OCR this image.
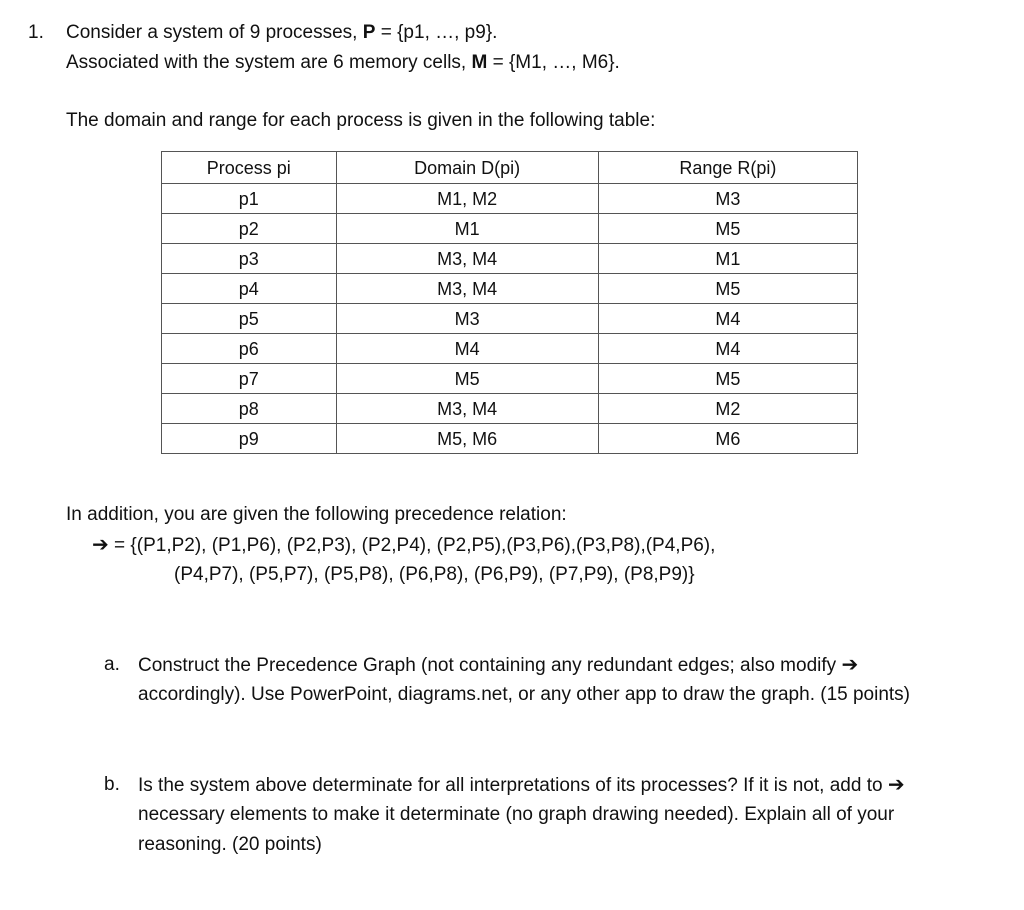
1. Consider a system of 9 processes, P = {p1, …, p9}.
Associated with the system are 6 memory cells, M = {M1, …, M6}.
The domain and range for each process is given in the following table:
Process pi	Domain D(pi)	Range R(pi)
p1	M1, M2	M3
p2	M1	M5
p3	M3, M4	M1
p4	M3, M4	M5
p5	M3	M4
p6	M4	M4
p7	M5	M5
p8	M3, M4	M2
p9	M5, M6	M6
In addition, you are given the following precedence relation:
➔ = {(P1,P2), (P1,P6), (P2,P3), (P2,P4), (P2,P5),(P3,P6),(P3,P8),(P4,P6),
(P4,P7), (P5,P7), (P5,P8), (P6,P8), (P6,P9), (P7,P9), (P8,P9)}
a. Construct the Precedence Graph (not containing any redundant edges; also modify ➔
accordingly). Use PowerPoint, diagrams.net, or any other app to draw the graph. (15 points)
b. Is the system above determinate for all interpretations of its processes? If it is not, add to ➔
necessary elements to make it determinate (no graph drawing needed). Explain all of your
reasoning. (20 points)
